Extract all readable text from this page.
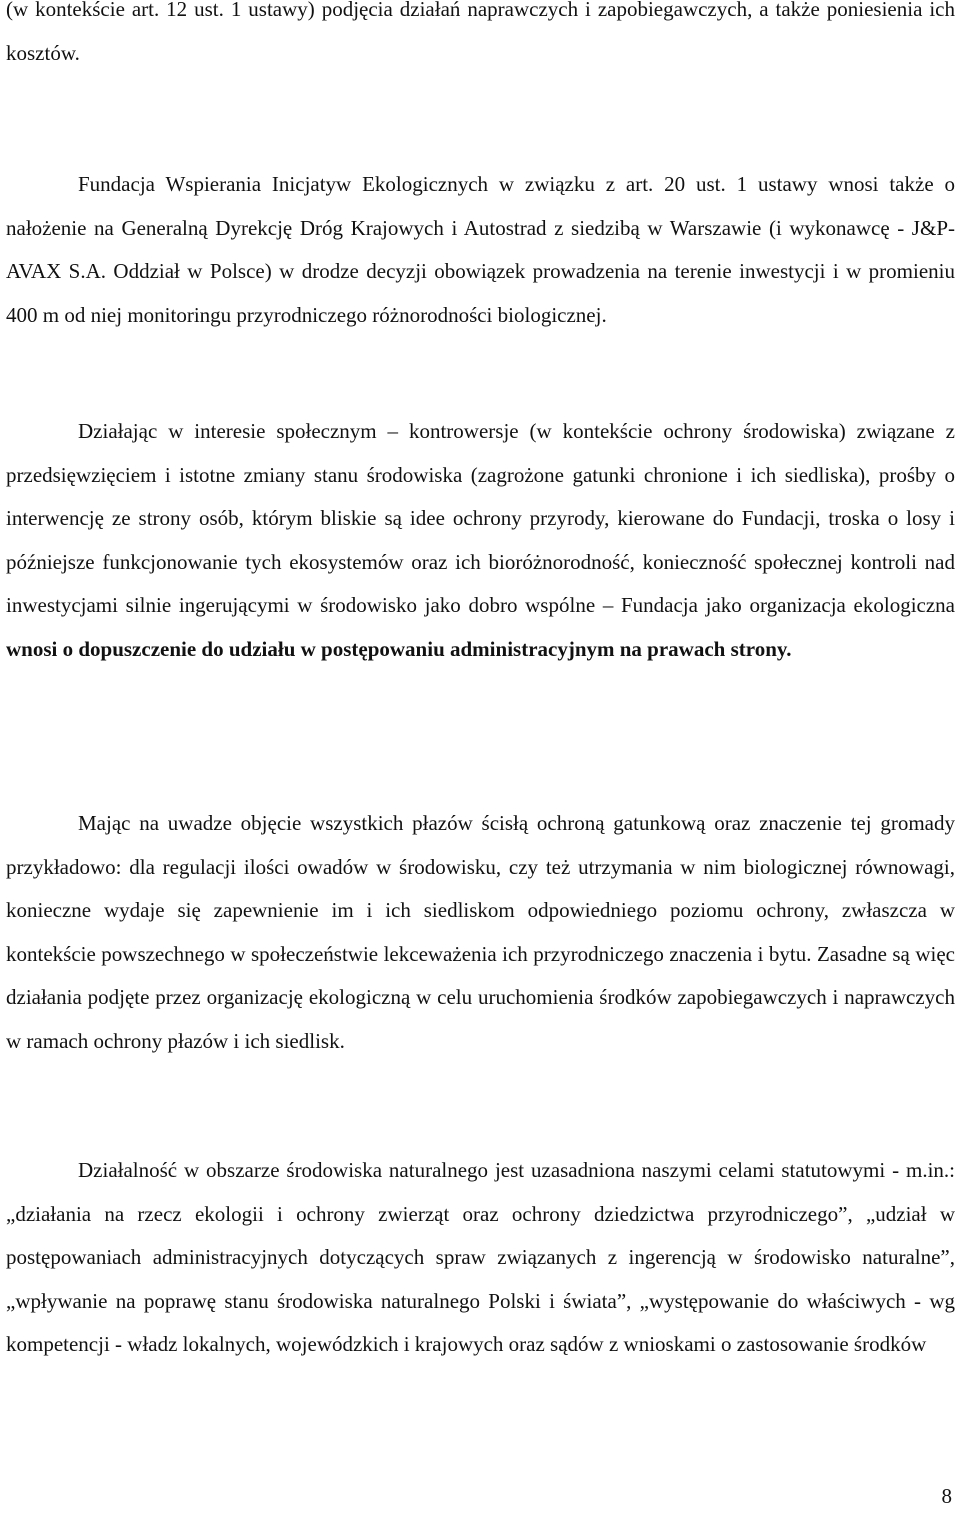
(w kontekście art. 12 ust. 1 ustawy) podjęcia działań naprawczych i zapobiegawczych, a także poniesienia ich kosztów.

Fundacja Wspierania Inicjatyw Ekologicznych w związku z art. 20 ust. 1 ustawy wnosi także o nałożenie na Generalną Dyrekcję Dróg Krajowych i Autostrad z siedzibą w Warszawie (i wykonawcę - J&P-AVAX S.A. Oddział w Polsce) w drodze decyzji obowiązek prowadzenia na terenie inwestycji i w promieniu 400 m od niej monitoringu przyrodniczego różnorodności biologicznej.

Działając w interesie społecznym – kontrowersje (w kontekście ochrony środowiska) związane z przedsięwzięciem i istotne zmiany stanu środowiska (zagrożone gatunki chronione i ich siedliska), prośby o interwencję ze strony osób, którym bliskie są idee ochrony przyrody, kierowane do Fundacji, troska o losy i późniejsze funkcjonowanie tych ekosystemów oraz ich bioróżnorodność, konieczność społecznej kontroli nad inwestycjami silnie ingerującymi w środowisko jako dobro wspólne – Fundacja jako organizacja ekologiczna wnosi o dopuszczenie do udziału w postępowaniu administracyjnym na prawach strony.

Mając na uwadze objęcie wszystkich płazów ścisłą ochroną gatunkową oraz znaczenie tej gromady przykładowo: dla regulacji ilości owadów w środowisku, czy też utrzymania w nim biologicznej równowagi, konieczne wydaje się zapewnienie im i ich siedliskom odpowiedniego poziomu ochrony, zwłaszcza w kontekście powszechnego w społeczeństwie lekceważenia ich przyrodniczego znaczenia i bytu. Zasadne są więc działania podjęte przez organizację ekologiczną w celu uruchomienia środków zapobiegawczych i naprawczych w ramach ochrony płazów i ich siedlisk.

Działalność w obszarze środowiska naturalnego jest uzasadniona naszymi celami statutowymi - m.in.: „działania na rzecz ekologii i ochrony zwierząt oraz ochrony dziedzictwa przyrodniczego”, „udział w postępowaniach administracyjnych dotyczących spraw związanych z ingerencją w środowisko naturalne”, „wpływanie na poprawę stanu środowiska naturalnego Polski i świata”, „występowanie do właściwych - wg kompetencji - władz lokalnych, wojewódzkich i krajowych oraz sądów z wnioskami o zastosowanie środków

8
